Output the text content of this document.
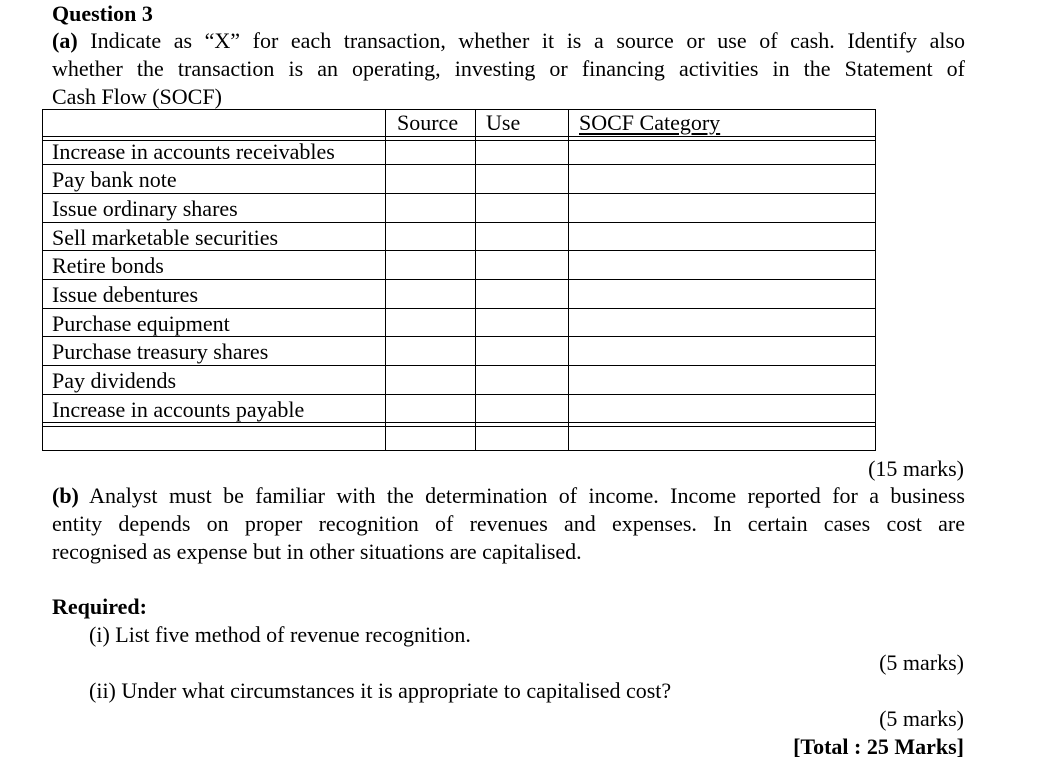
Question 3
(a) Indicate as “X” for each transaction, whether it is a source or use of cash. Identify also
whether the transaction is an operating, investing or financing activities in the Statement of
Cash Flow (SOCF)
Source Use	SOCF Category
Increase in accounts receivables
Pay bank note
Issue ordinary shares
Sell marketable securities
Retire bonds
Issue debentures
Purchase equipment
Purchase treasury shares
Pay dividends
Increase in accounts payable
(15 marks)
(b) Analyst must be familiar with the determination of income. Income reported for a business
entity depends on proper recognition of revenues and expenses. In certain cases cost are
recognised as expense but in other situations are capitalised.
Required:
(i) List five method of revenue recognition.
(5 marks)
(ii) Under what circumstances it is appropriate to capitalised cost?
(5 marks)
[Total : 25 Marks]
